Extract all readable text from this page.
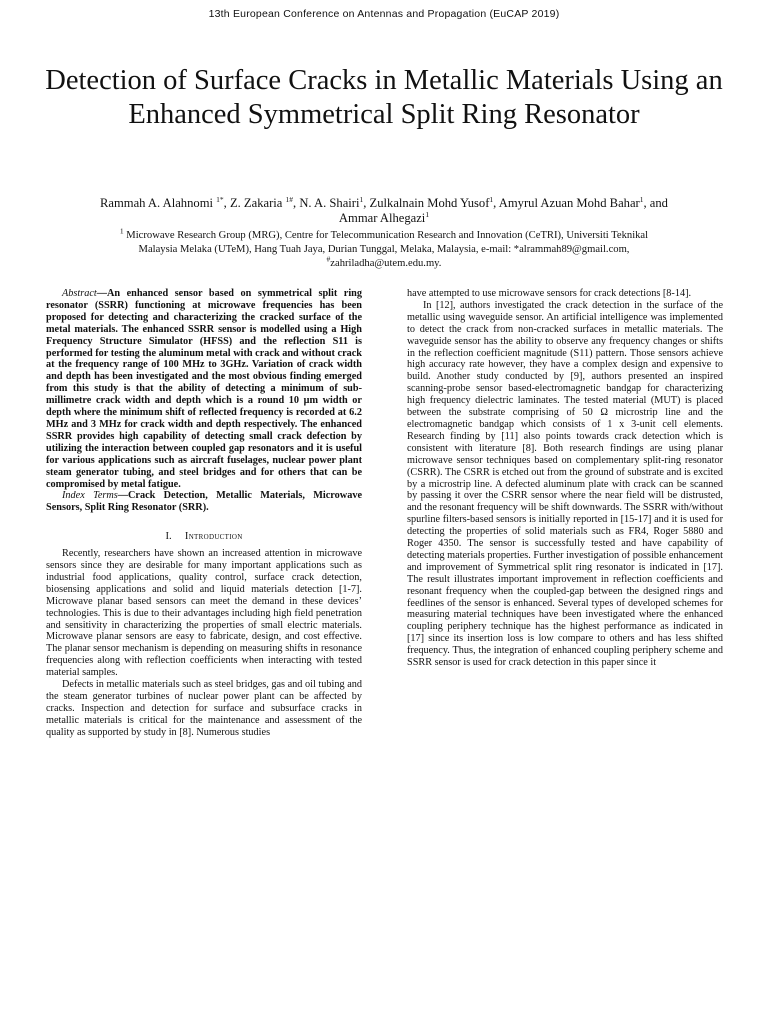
13th European Conference on Antennas and Propagation (EuCAP 2019)
Detection of Surface Cracks in Metallic Materials Using an Enhanced Symmetrical Split Ring Resonator
Rammah A. Alahnomi $^{1*}$, Z. Zakaria $^{1\#}$, N. A. Shairi$^1$, Zulkalnain Mohd Yusof$^1$, Amyrul Azuan Mohd Bahar$^1$, and
Ammar Alhegazi$^1$
$^1$ Microwave Research Group (MRG), Centre for Telecommunication Research and Innovation (CeTRI), Universiti Teknikal
Malaysia Melaka (UTeM), Hang Tuah Jaya, Durian Tunggal, Melaka, Malaysia, e-mail: *alrammah89@gmail.com,
#zahriladha@utem.edu.my.

Abstract—An enhanced sensor based on symmetrical split ring resonator (SSRR) functioning at microwave frequencies has been proposed for detecting and characterizing the cracked surface of the metal materials. The enhanced SSRR sensor is modelled using a High Frequency Structure Simulator (HFSS) and the reflection S11 is performed for testing the aluminum metal with crack and without crack at the frequency range of 100 MHz to 3GHz. Variation of crack width and depth has been investigated and the most obvious finding emerged from this study is that the ability of detecting a minimum of sub-millimetre crack width and depth which is a round 10 μm width or depth where the minimum shift of reflected frequency is recorded at 6.2 MHz and 3 MHz for crack width and depth respectively. The enhanced SSRR provides high capability of detecting small crack defection by utilizing the interaction between coupled gap resonators and it is useful for various applications such as aircraft fuselages, nuclear power plant steam generator tubing, and steel bridges and for others that can be compromised by metal fatigue.

Index Terms—Crack Detection, Metallic Materials, Microwave Sensors, Split Ring Resonator (SRR).

I. Introduction

Recently, researchers have shown an increased attention in microwave sensors since they are desirable for many important applications such as industrial food applications, quality control, surface crack detection, biosensing applications and solid and liquid materials detection [1-7]. Microwave planar based sensors can meet the demand in these devices’ technologies. This is due to their advantages including high field penetration and sensitivity in characterizing the properties of small electric materials. Microwave planar sensors are easy to fabricate, design, and cost effective. The planar sensor mechanism is depending on measuring shifts in resonance frequencies along with reflection coefficients when interacting with tested material samples.

Defects in metallic materials such as steel bridges, gas and oil tubing and the steam generator turbines of nuclear power plant can be affected by cracks. Inspection and detection for surface and subsurface cracks in metallic materials is critical for the maintenance and assessment of the quality as supported by study in [8]. Numerous studies

have attempted to use microwave sensors for crack detections [8-14].

In [12], authors investigated the crack detection in the surface of the metallic using waveguide sensor. An artificial intelligence was implemented to detect the crack from non-cracked surfaces in metallic materials. The waveguide sensor has the ability to observe any frequency changes or shifts in the reflection coefficient magnitude (S11) pattern. Those sensors achieve high accuracy rate however, they have a complex design and expensive to build. Another study conducted by [9], authors presented an inspired scanning-probe sensor based-electromagnetic bandgap for characterizing high frequency dielectric laminates. The tested material (MUT) is placed between the substrate comprising of 50 Ω microstrip line and the electromagnetic bandgap which consists of 1 x 3-unit cell elements. Research finding by [11] also points towards crack detection which is consistent with literature [8]. Both research findings are using planar microwave sensor techniques based on complementary split-ring resonator (CSRR). The CSRR is etched out from the ground of substrate and is excited by a microstrip line. A defected aluminum plate with crack can be scanned by passing it over the CSRR sensor where the near field will be distrusted, and the resonant frequency will be shift downwards. The SSRR with/without spurline filters-based sensors is initially reported in [15-17] and it is used for detecting the properties of solid materials such as FR4, Roger 5880 and Roger 4350. The sensor is successfully tested and have capability of detecting materials properties. Further investigation of possible enhancement and improvement of Symmetrical split ring resonator is indicated in [17]. The result illustrates important improvement in reflection coefficients and resonant frequency when the coupled-gap between the designed rings and feedlines of the sensor is enhanced. Several types of developed schemes for measuring material techniques have been investigated where the enhanced coupling periphery technique has the highest performance as indicated in [17] since its insertion loss is low compare to others and has less shifted frequency. Thus, the integration of enhanced coupling periphery scheme and SSRR sensor is used for crack detection in this paper since it
